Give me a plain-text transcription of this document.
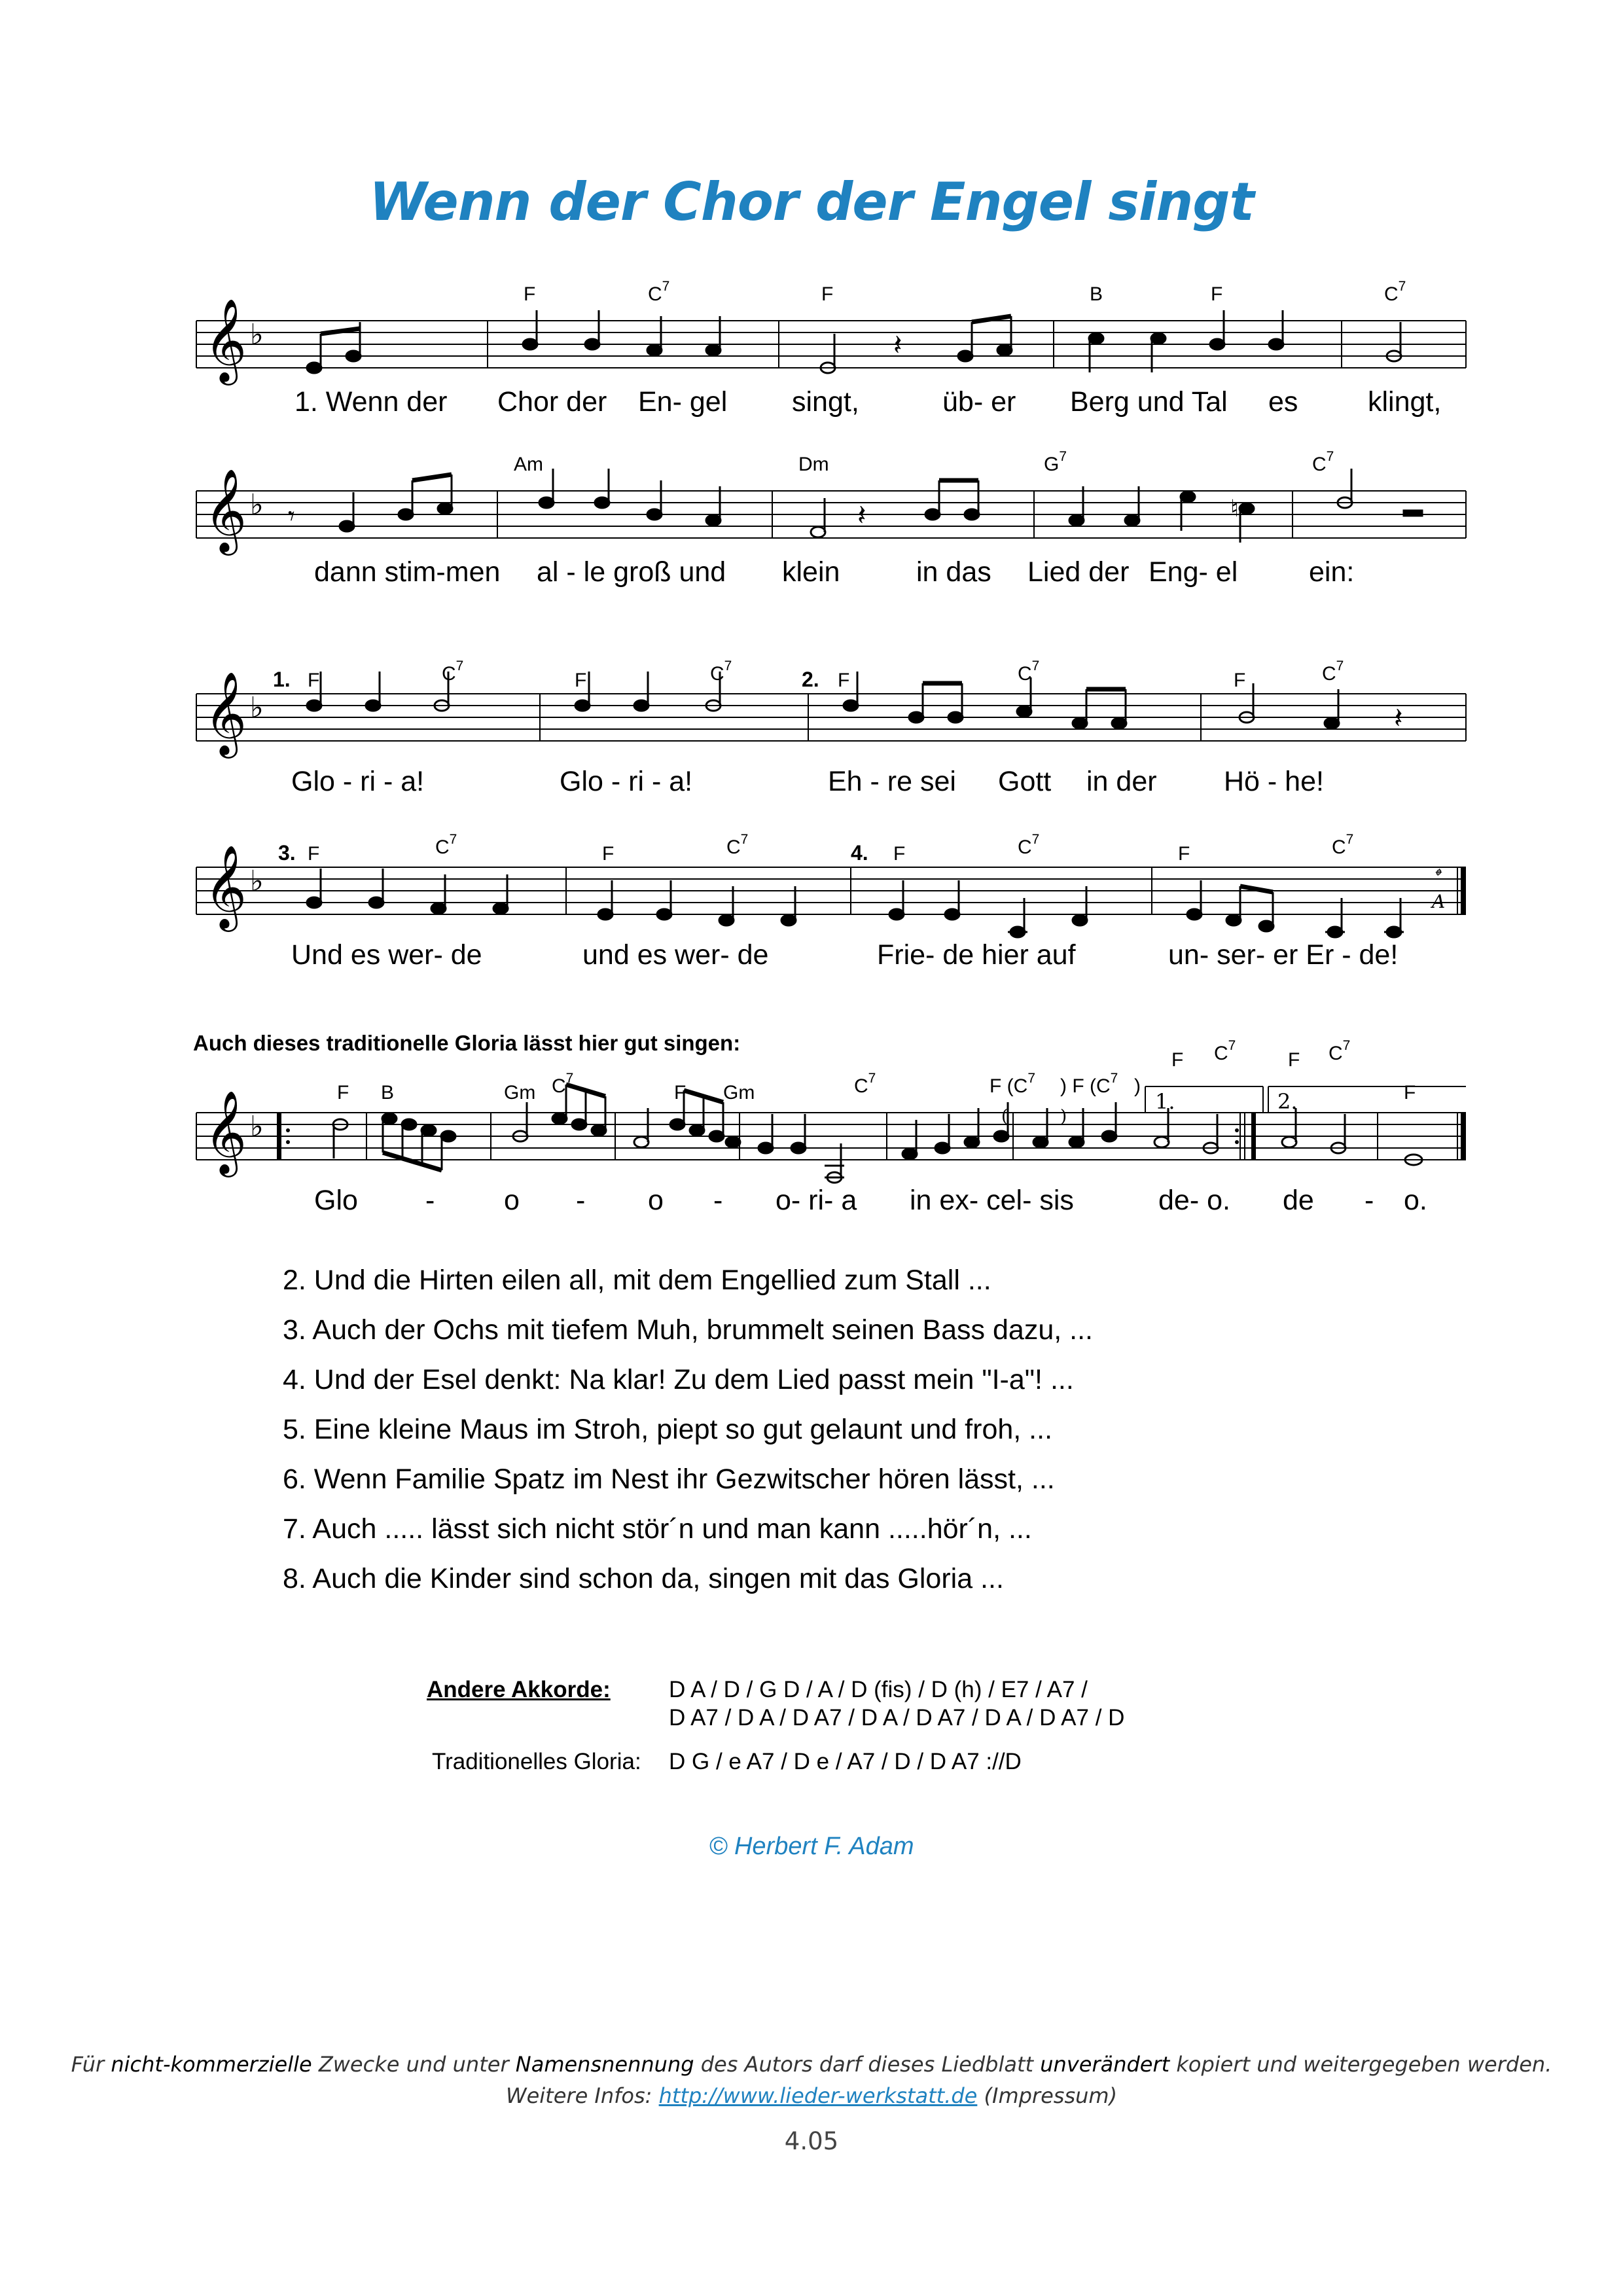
Wenn der Chor der Engel singt
𝄞 ♭	𝄽
F	$C^7$	F	B	F	$C^7$
1. Wenn der Chor der En- gel singt,	üb- er Berg und Tal es klingt,
𝄞 ♭ 𝄾	♮
𝄽
Am	Dm	$G^7$	$C^7$
dann stim-men al - le groß und klein	in das Lied der Eng- el	ein:
𝄞 ♭	𝄽
1.	2.
F	$C^7$
F	$C^7$
F	$C^7$
F	$C^7$
Glo - ri - a!	Glo - ri - a!	Eh - re sei Gott in der Hö - he!
𝄞 ♭	𝄌
A
3.	4.
F	$C^7$
F	$C^7$
F	$C^7$
F	$C^7$
Und es wer- de	und es wer- de	Frie- de hier auf	un- ser- er Er - de!
Auch dieses traditionelle Gloria lässt hier gut singen:
𝄞 ♭
1.	2.
(	)
F B	Gm $C^7$
F Gm	$C^7$	F ($C^7$ ) F ($C^7$ )
F $C^7$
F $C^7$
F
Glo - o - o - o- ri- a in ex- cel- sis	de- o. de - o.
2. Und die Hirten eilen all, mit dem Engellied zum Stall ...
3. Auch der Ochs mit tiefem Muh, brummelt seinen Bass dazu, ...
4. Und der Esel denkt: Na klar! Zu dem Lied passt mein "I-a"! ...
5. Eine kleine Maus im Stroh, piept so gut gelaunt und froh, ...
6. Wenn Familie Spatz im Nest ihr Gezwitscher hören lässt, ...
7. Auch ..... lässt sich nicht stör´n und man kann .....hör´n, ...
8. Auch die Kinder sind schon da, singen mit das Gloria ...
Andere Akkorde:	D A / D / G D / A / D (fis) / D (h) / E7 / A7 /
D A7 / D A / D A7 / D A / D A7 / D A / D A7 / D
Traditionelles Gloria: D G / e A7 / D e / A7 / D / D A7 ://D
© Herbert F. Adam
Für nicht-kommerzielle Zwecke und unter Namensnennung des Autors darf dieses Liedblatt unverändert kopiert und weitergegeben werden.
Weitere Infos: http://www.lieder-werkstatt.de (Impressum)
4.05
